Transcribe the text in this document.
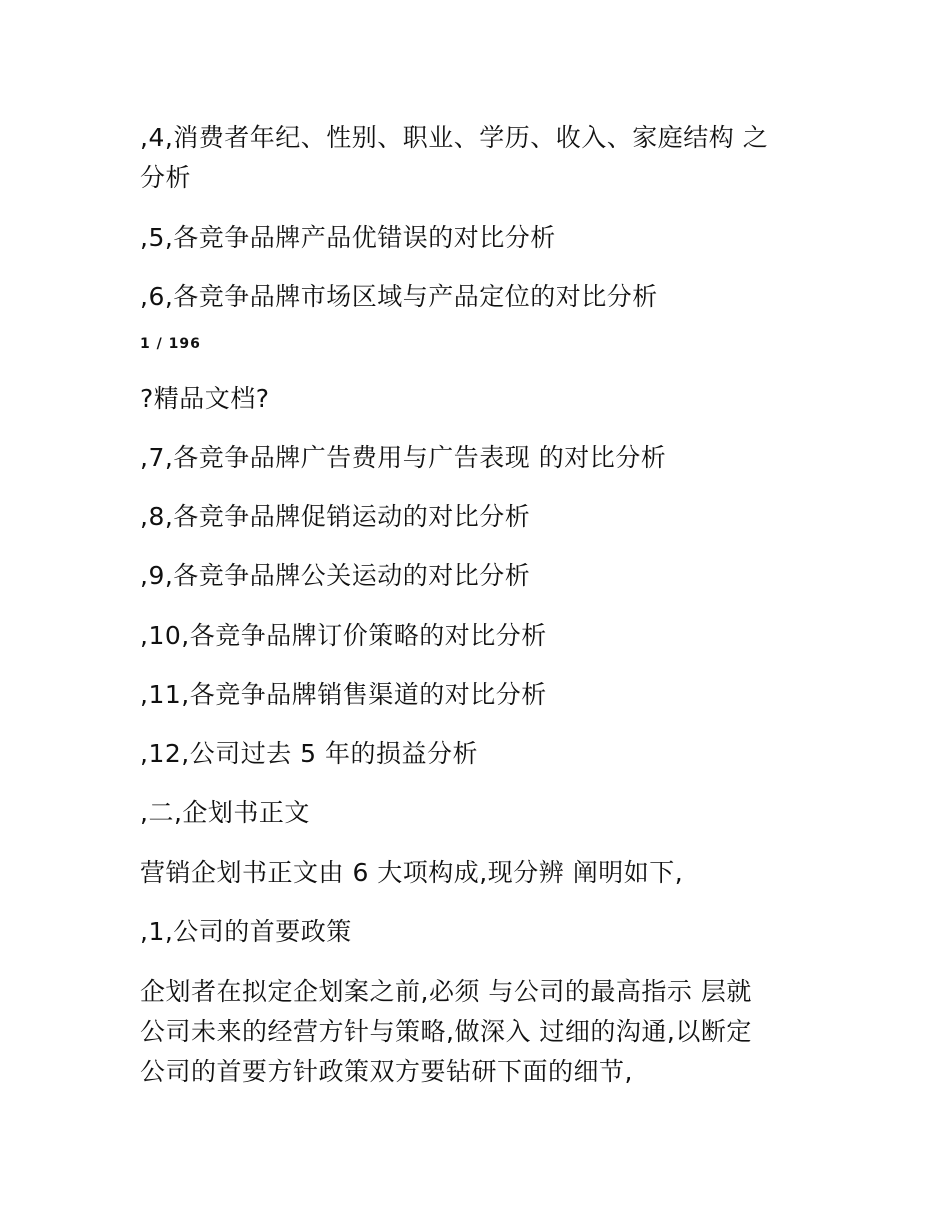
,4,消费者年纪、性别、职业、学历、收入、家庭结构 之
分析
,5,各竞争品牌产品优错误的对比分析
,6,各竞争品牌市场区域与产品定位的对比分析
1 / 196
?精品文档?
,7,各竞争品牌广告费用与广告表现 的对比分析
,8,各竞争品牌促销运动的对比分析
,9,各竞争品牌公关运动的对比分析
,10,各竞争品牌订价策略的对比分析
,11,各竞争品牌销售渠道的对比分析
,12,公司过去 5 年的损益分析
,二,企划书正文
营销企划书正文由 6 大项构成,现分辨 阐明如下,
,1,公司的首要政策
企划者在拟定企划案之前,必须 与公司的最高指示 层就
公司未来的经营方针与策略,做深入 过细的沟通,以断定
公司的首要方针政策双方要钻研下面的细节,
